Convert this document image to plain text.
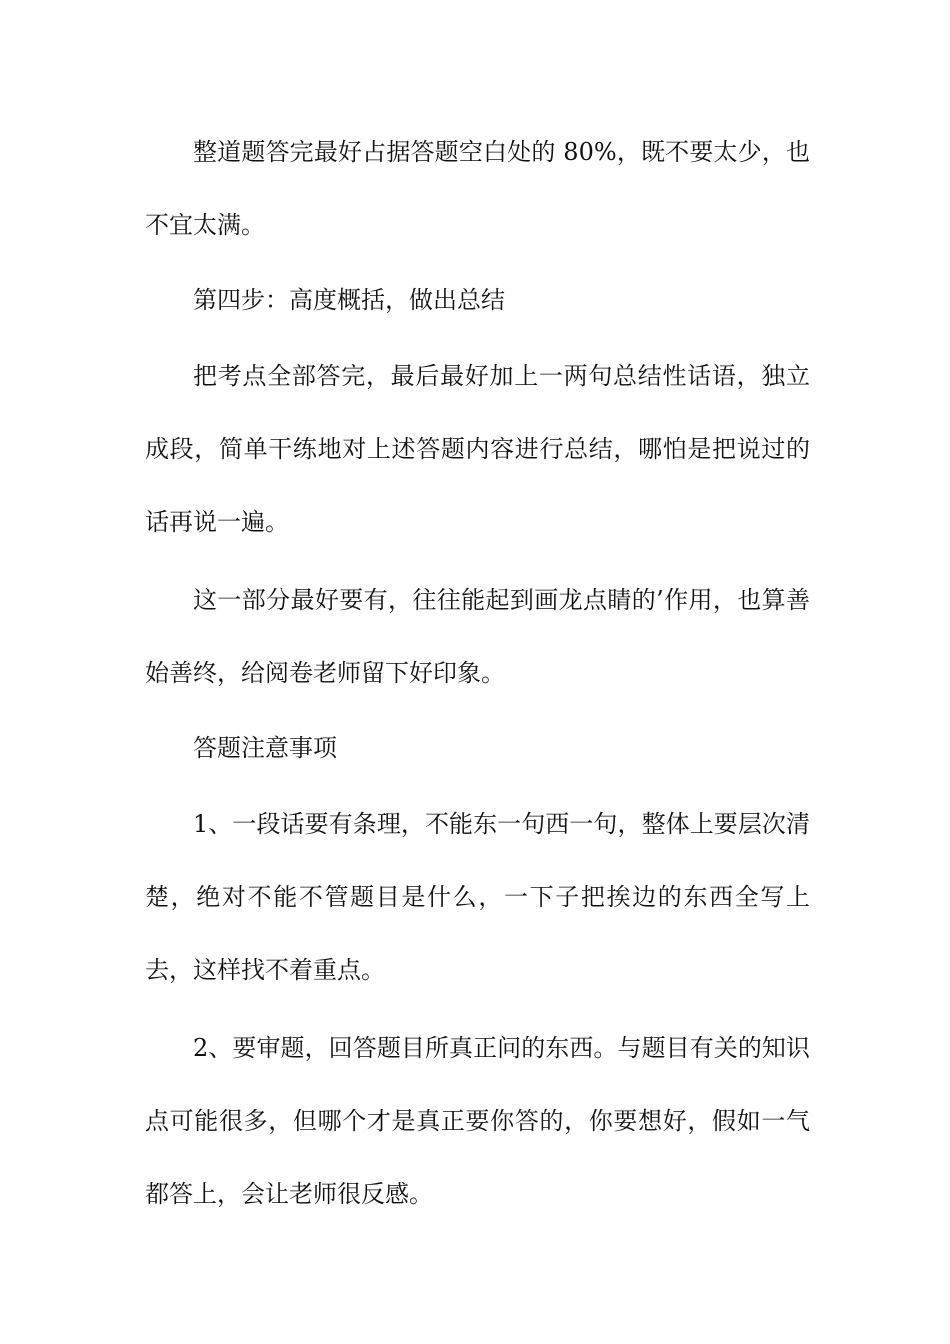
整道题答完最好占据答题空白处的 80%，既不要太少，也不宜太满。

第四步：高度概括，做出总结

把考点全部答完，最后最好加上一两句总结性话语，独立成段，简单干练地对上述答题内容进行总结，哪怕是把说过的话再说一遍。

这一部分最好要有，往往能起到画龙点睛的’作用，也算善始善终，给阅卷老师留下好印象。

答题注意事项

1、一段话要有条理，不能东一句西一句，整体上要层次清楚，绝对不能不管题目是什么，一下子把挨边的东西全写上去，这样找不着重点。

2、要审题，回答题目所真正问的东西。与题目有关的知识点可能很多，但哪个才是真正要你答的，你要想好，假如一气都答上，会让老师很反感。
